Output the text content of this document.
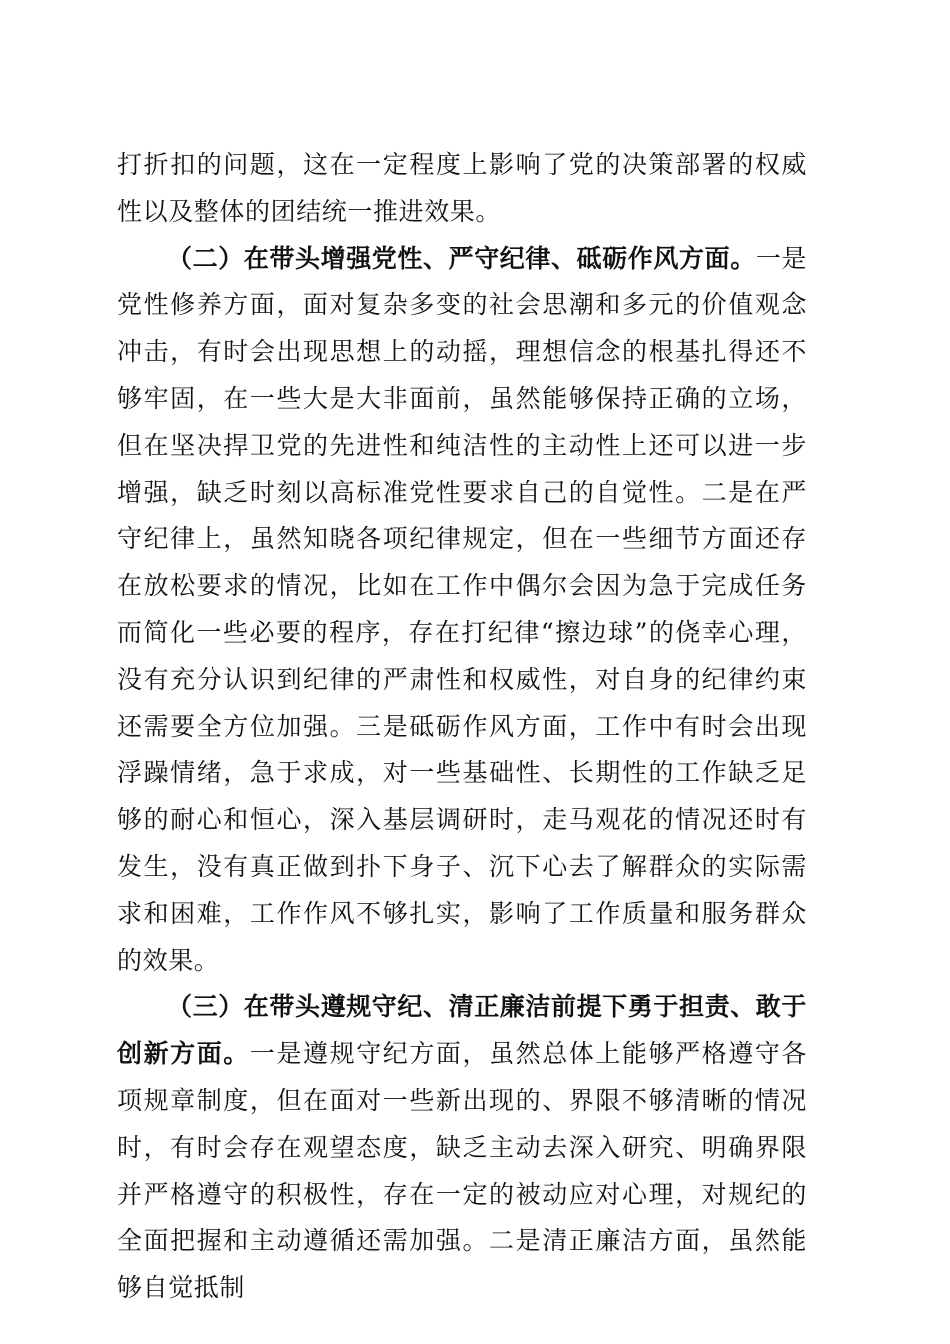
打折扣的问题，这在一定程度上影响了党的决策部署的权威性以及整体的团结统一推进效果。

（二）在带头增强党性、严守纪律、砥砺作风方面。一是党性修养方面，面对复杂多变的社会思潮和多元的价值观念冲击，有时会出现思想上的动摇，理想信念的根基扎得还不够牢固，在一些大是大非面前，虽然能够保持正确的立场，但在坚决捍卫党的先进性和纯洁性的主动性上还可以进一步增强，缺乏时刻以高标准党性要求自己的自觉性。二是在严守纪律上，虽然知晓各项纪律规定，但在一些细节方面还存在放松要求的情况，比如在工作中偶尔会因为急于完成任务而简化一些必要的程序，存在打纪律“擦边球”的侥幸心理，没有充分认识到纪律的严肃性和权威性，对自身的纪律约束还需要全方位加强。三是砥砺作风方面，工作中有时会出现浮躁情绪，急于求成，对一些基础性、长期性的工作缺乏足够的耐心和恒心，深入基层调研时，走马观花的情况还时有发生，没有真正做到扑下身子、沉下心去了解群众的实际需求和困难，工作作风不够扎实，影响了工作质量和服务群众的效果。

（三）在带头遵规守纪、清正廉洁前提下勇于担责、敢于创新方面。一是遵规守纪方面，虽然总体上能够严格遵守各项规章制度，但在面对一些新出现的、界限不够清晰的情况时，有时会存在观望态度，缺乏主动去深入研究、明确界限并严格遵守的积极性，存在一定的被动应对心理，对规纪的全面把握和主动遵循还需加强。二是清正廉洁方面，虽然能够自觉抵制
